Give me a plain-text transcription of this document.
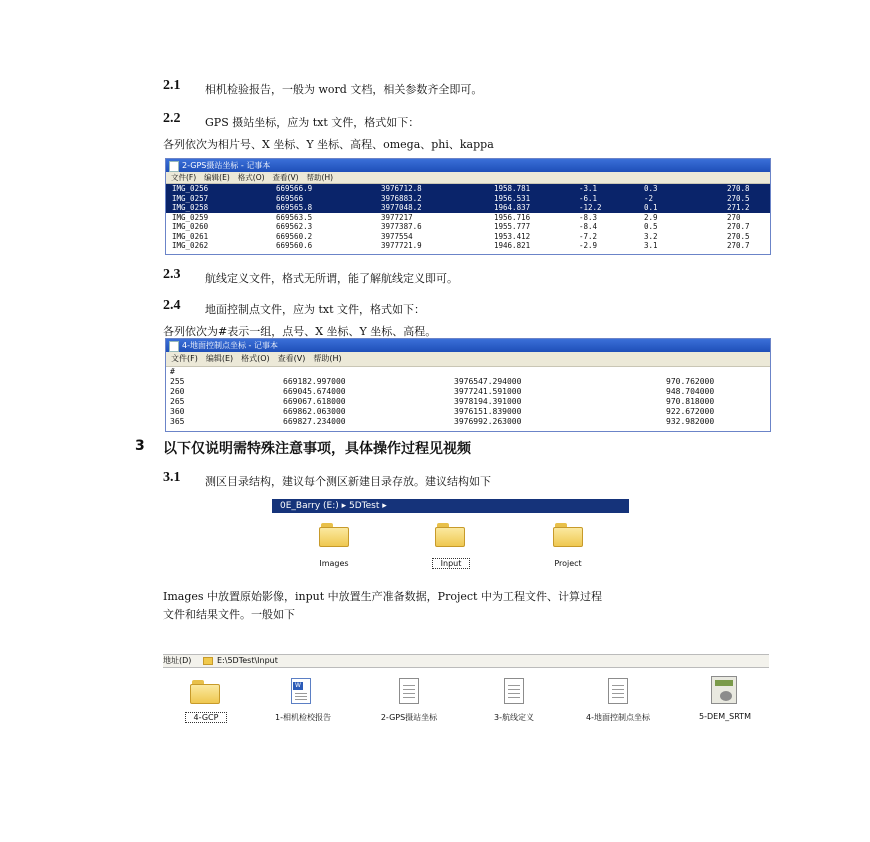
2.1 相机检验报告，一般为 word 文档，相关参数齐全即可。
2.2 GPS 摄站坐标，应为 txt 文件，格式如下：
各列依次为相片号、X 坐标、Y 坐标、高程、omega、phi、kappa
2-GPS摄站坐标 - 记事本
文件(F) 编辑(E) 格式(O) 查看(V) 帮助(H)
IMG_0256	669566.9	3976712.8	1958.781	-3.1	0.3	270.8
IMG_0257	669566	3976883.2	1956.531	-6.1	-2	270.5
IMG_0258	669565.8	3977048.2	1964.837	-12.2	0.1	271.2
IMG_0259	669563.5	3977217	1956.716	-8.3	2.9	270
IMG_0260	669562.3	3977387.6	1955.777	-8.4	0.5	270.7
IMG_0261	669560.2	3977554	1953.412	-7.2	3.2	270.5
IMG_0262	669560.6	3977721.9	1946.821	-2.9	3.1	270.7
2.3 航线定义文件，格式无所谓，能了解航线定义即可。
2.4 地面控制点文件，应为 txt 文件，格式如下：
各列依次为#表示一组，点号、X 坐标、Y 坐标、高程。
4-地面控制点坐标 - 记事本
文件(F) 编辑(E) 格式(O) 查看(V) 帮助(H)
#
255	669182.997000	3976547.294000	970.762000
260	669045.674000	3977241.591000	948.704000
265	669067.618000	3978194.391000	970.818000
360	669862.063000	3976151.839000	922.672000
365	669827.234000	3976992.263000	932.982000
3 以下仅说明需特殊注意事项，具体操作过程见视频
3.1 测区目录结构，建议每个测区新建目录存放。建议结构如下
0E_Barry (E:) ▸ 5DTest ▸
Images	Input	Project
Images 中放置原始影像，input 中放置生产准备数据，Project 中为工程文件、计算过程
文件和结果文件。一般如下
地址(D)	E:\5DTest\Input
4-GCP
W
1-相机检校报告	2-GPS摄站坐标	3-航线定义	4-地面控制点坐标	5-DEM_SRTM
